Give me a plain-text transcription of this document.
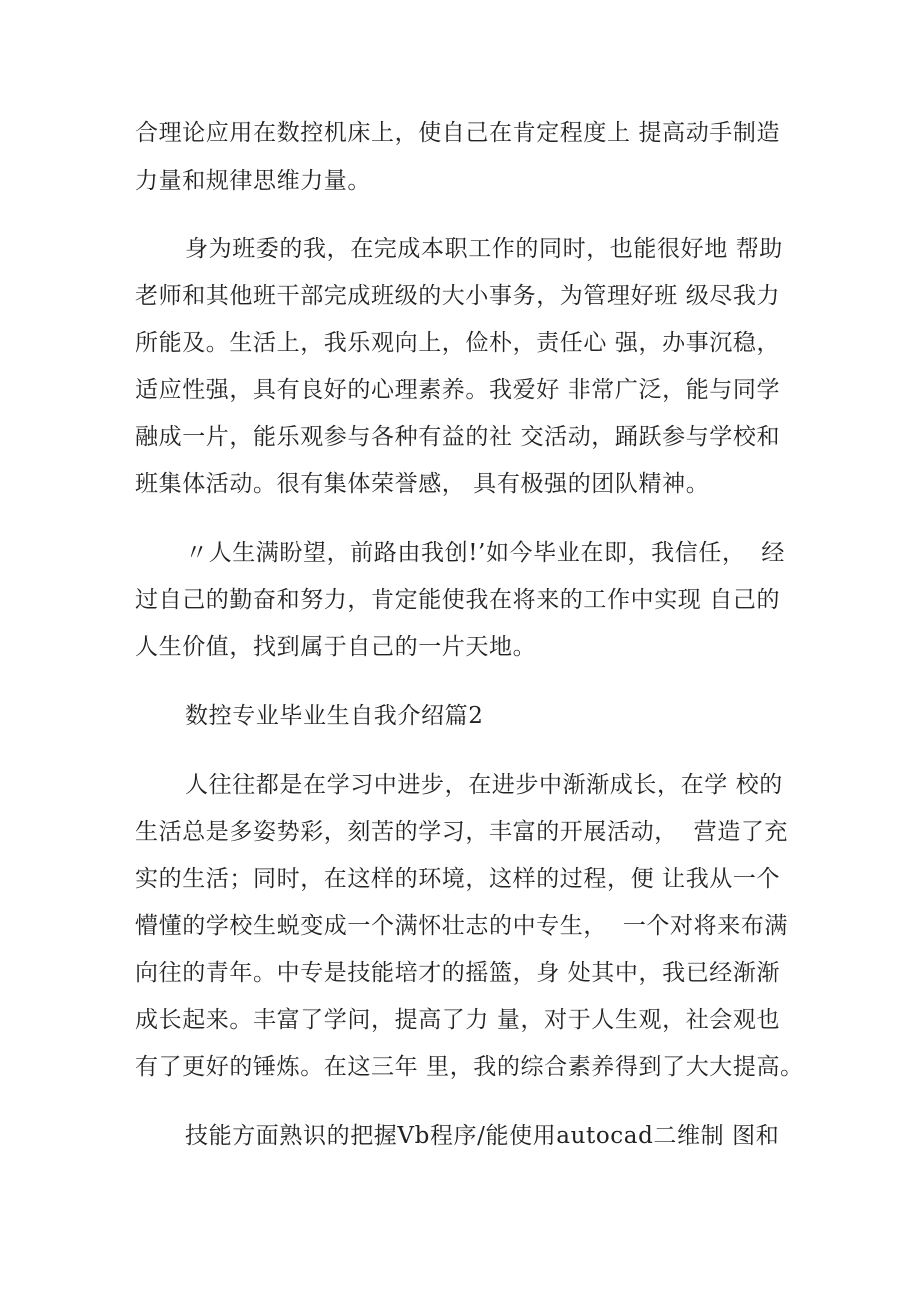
合理论应用在数控机床上，使自己在肯定程度上 提高动手制造
力量和规律思维力量。
身为班委的我，在完成本职工作的同时，也能很好地 帮助
老师和其他班干部完成班级的大小事务，为管理好班 级尽我力
所能及。生活上，我乐观向上，俭朴，责任心 强，办事沉稳，
适应性强，具有良好的心理素养。我爱好 非常广泛，能与同学
融成一片，能乐观参与各种有益的社 交活动，踊跃参与学校和
班集体活动。很有集体荣誉感， 具有极强的团队精神。
〃人生满盼望，前路由我创!’如今毕业在即，我信任，  经
过自己的勤奋和努力，肯定能使我在将来的工作中实现 自己的
人生价值，找到属于自己的一片天地。
数控专业毕业生自我介绍篇2
人往往都是在学习中进步，在进步中渐渐成长，在学 校的
生活总是多姿势彩，刻苦的学习，丰富的开展活动，  营造了充
实的生活；同时，在这样的环境，这样的过程，便 让我从一个
懵懂的学校生蜕变成一个满怀壮志的中专生，  一个对将来布满
向往的青年。中专是技能培才的摇篮，身 处其中，我已经渐渐
成长起来。丰富了学问，提高了力 量，对于人生观，社会观也
有了更好的锤炼。在这三年 里，我的综合素养得到了大大提高。
技能方面熟识的把握Vb程序/能使用autocad二维制 图和
